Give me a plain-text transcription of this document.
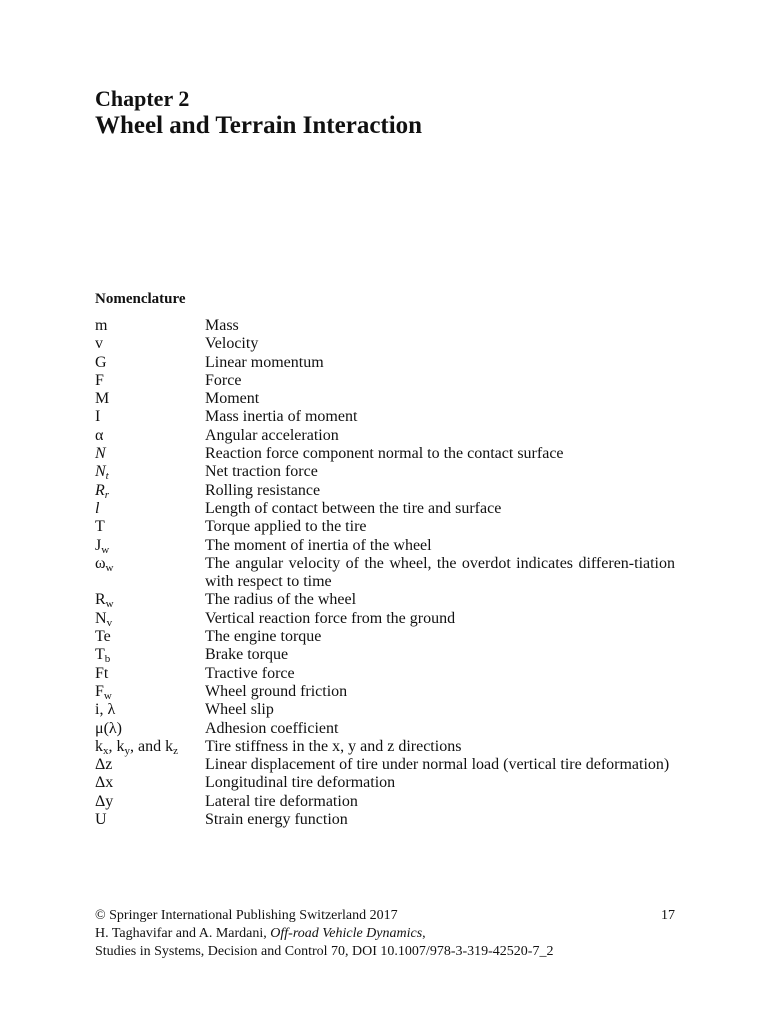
Chapter 2
Wheel and Terrain Interaction
Nomenclature
m	Mass
v	Velocity
G	Linear momentum
F	Force
M	Moment
I	Mass inertia of moment
α	Angular acceleration
N	Reaction force component normal to the contact surface
$N_t$	Net traction force
$R_r$	Rolling resistance
l	Length of contact between the tire and surface
T	Torque applied to the tire
$J_w$	The moment of inertia of the wheel
$\omega_w$	The angular velocity of the wheel, the overdot indicates differen-tiation with respect to time
$R_w$	The radius of the wheel
$N_v$	Vertical reaction force from the ground
Te	The engine torque
$T_b$	Brake torque
Ft	Tractive force
$F_w$	Wheel ground friction
i, λ	Wheel slip
μ(λ)	Adhesion coefficient
$k_x$, $k_y$, and $k_z$	Tire stiffness in the x, y and z directions
Δz	Linear displacement of tire under normal load (vertical tire deformation)
Δx	Longitudinal tire deformation
Δy	Lateral tire deformation
U	Strain energy function
© Springer International Publishing Switzerland 2017	17
H. Taghavifar and A. Mardani, Off-road Vehicle Dynamics,
Studies in Systems, Decision and Control 70, DOI 10.1007/978-3-319-42520-7_2
